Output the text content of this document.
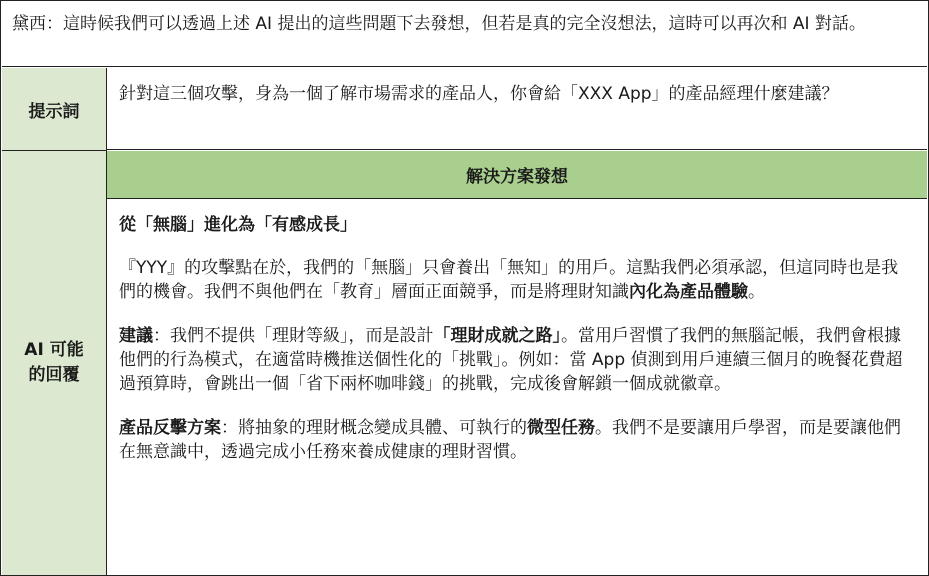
黛西：這時候我們可以透過上述 AI 提出的這些問題下去發想，但若是真的完全沒想法，這時可以再次和 AI 對話。
提示詞
針對這三個攻擊，身為一個了解市場需求的產品人，你會給「XXX App」的產品經理什麼建議？
AI 可能的回覆
解決方案發想

從「無腦」進化為「有感成長」

『YYY』的攻擊點在於，我們的「無腦」只會養出「無知」的用戶。這點我們必須承認，但這同時也是我們的機會。我們不與他們在「教育」層面正面競爭，而是將理財知識內化為產品體驗。

建議：我們不提供「理財等級」，而是設計「理財成就之路」。當用戶習慣了我們的無腦記帳，我們會根據他們的行為模式，在適當時機推送個性化的「挑戰」。例如：當 App 偵測到用戶連續三個月的晚餐花費超過預算時，會跳出一個「省下兩杯咖啡錢」的挑戰，完成後會解鎖一個成就徽章。

產品反擊方案：將抽象的理財概念變成具體、可執行的微型任務。我們不是要讓用戶學習，而是要讓他們在無意識中，透過完成小任務來養成健康的理財習慣。
